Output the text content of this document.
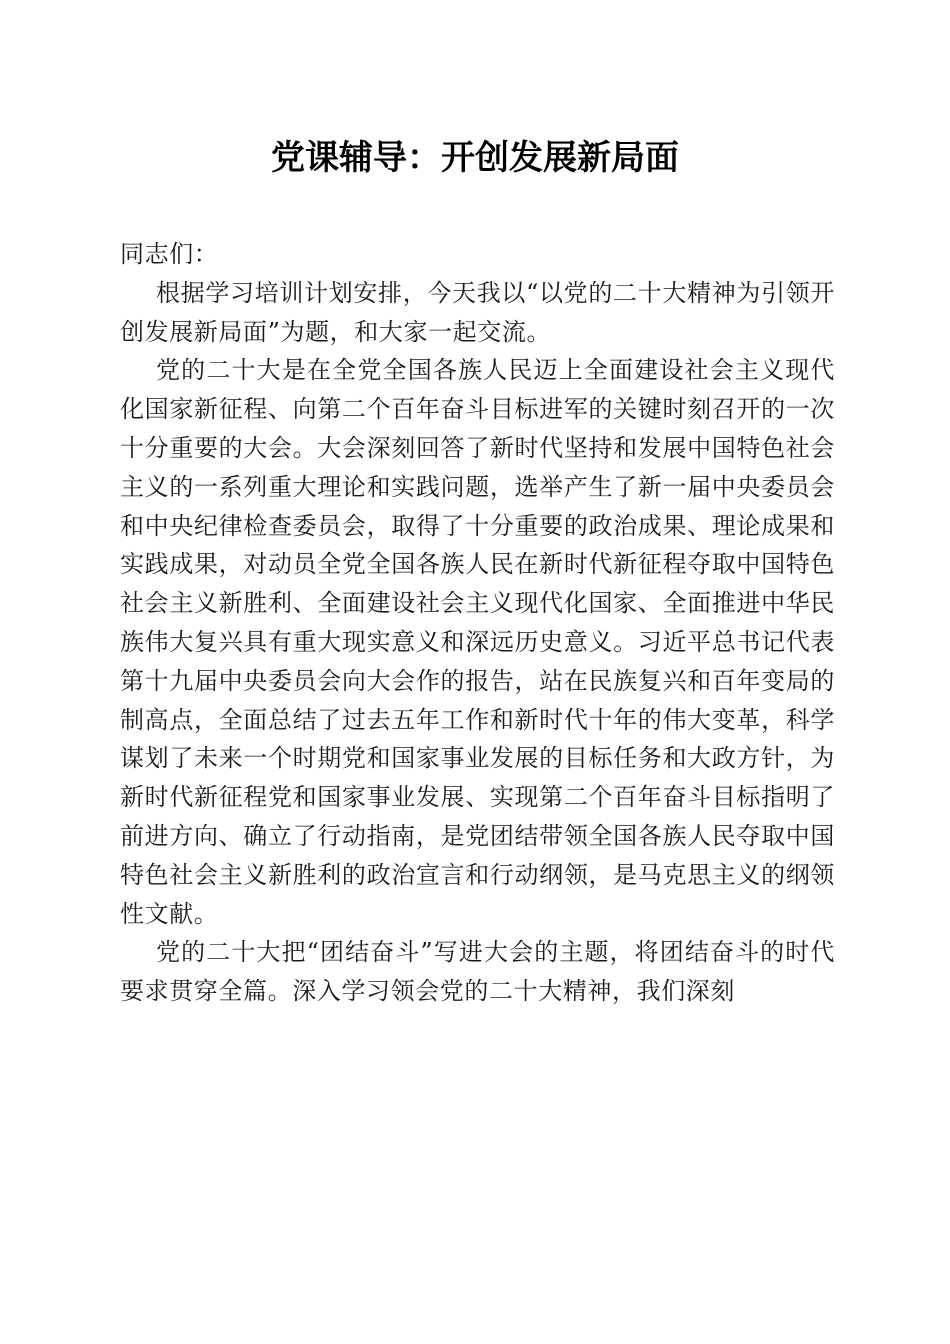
党课辅导：开创发展新局面

同志们：

根据学习培训计划安排，今天我以“以党的二十大精神为引领开创发展新局面”为题，和大家一起交流。

党的二十大是在全党全国各族人民迈上全面建设社会主义现代化国家新征程、向第二个百年奋斗目标进军的关键时刻召开的一次十分重要的大会。大会深刻回答了新时代坚持和发展中国特色社会主义的一系列重大理论和实践问题，选举产生了新一届中央委员会和中央纪律检查委员会，取得了十分重要的政治成果、理论成果和实践成果，对动员全党全国各族人民在新时代新征程夺取中国特色社会主义新胜利、全面建设社会主义现代化国家、全面推进中华民族伟大复兴具有重大现实意义和深远历史意义。习近平总书记代表第十九届中央委员会向大会作的报告，站在民族复兴和百年变局的制高点，全面总结了过去五年工作和新时代十年的伟大变革，科学谋划了未来一个时期党和国家事业发展的目标任务和大政方针，为新时代新征程党和国家事业发展、实现第二个百年奋斗目标指明了前进方向、确立了行动指南，是党团结带领全国各族人民夺取中国特色社会主义新胜利的政治宣言和行动纲领，是马克思主义的纲领性文献。

党的二十大把“团结奋斗”写进大会的主题，将团结奋斗的时代要求贯穿全篇。深入学习领会党的二十大精神，我们深刻
